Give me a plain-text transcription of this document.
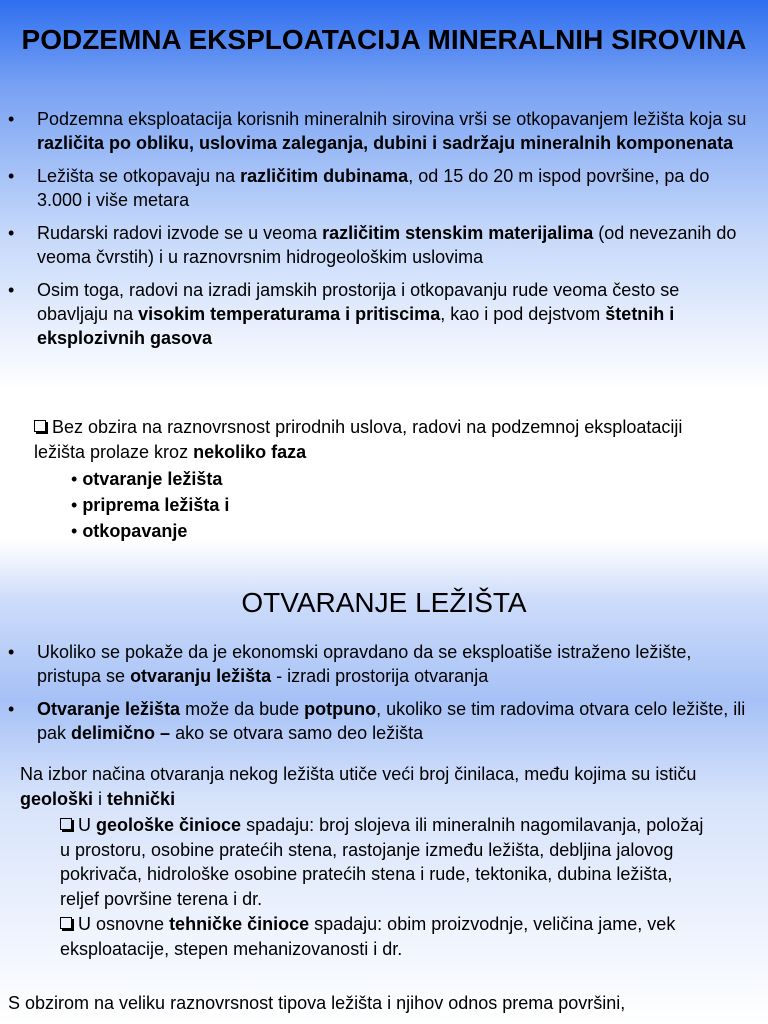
PODZEMNA EKSPLOATACIJA MINERALNIH SIROVINA
• Podzemna eksploatacija korisnih mineralnih sirovina vrši se otkopavanjem ležišta koja su različita po obliku, uslovima zaleganja, dubini i sadržaju mineralnih komponenata
• Ležišta se otkopavaju na različitim dubinama, od 15 do 20 m ispod površine, pa do 3.000 i više metara
• Rudarski radovi izvode se u veoma različitim stenskim materijalima (od nevezanih do veoma čvrstih) i u raznovrsnim hidrogeološkim uslovima
• Osim toga, radovi na izradi jamskih prostorija i otkopavanju rude veoma često se obavljaju na visokim temperaturama i pritiscima, kao i pod dejstvom štetnih i eksplozivnih gasova
Bez obzira na raznovrsnost prirodnih uslova, radovi na podzemnoj eksploataciji ležišta prolaze kroz nekoliko faza
• otvaranje ležišta
• priprema ležišta i
• otkopavanje
OTVARANJE LEŽIŠTA
• Ukoliko se pokaže da je ekonomski opravdano da se eksploatiše istraženo ležište, pristupa se otvaranju ležišta - izradi prostorija otvaranja
• Otvaranje ležišta može da bude potpuno, ukoliko se tim radovima otvara celo ležište, ili pak delimično – ako se otvara samo deo ležišta
Na izbor načina otvaranja nekog ležišta utiče veći broj činilaca, među kojima su ističu geološki i tehnički
U geološke činioce spadaju: broj slojeva ili mineralnih nagomilavanja, položaj u prostoru, osobine pratećih stena, rastojanje između ležišta, debljina jalovog pokrivača, hidrološke osobine pratećih stena i rude, tektonika, dubina ležišta, reljef površine terena i dr.
U osnovne tehničke činioce spadaju: obim proizvodnje, veličina jame, vek eksploatacije, stepen mehanizovanosti i dr.
S obzirom na veliku raznovrsnost tipova ležišta i njihov odnos prema površini,
